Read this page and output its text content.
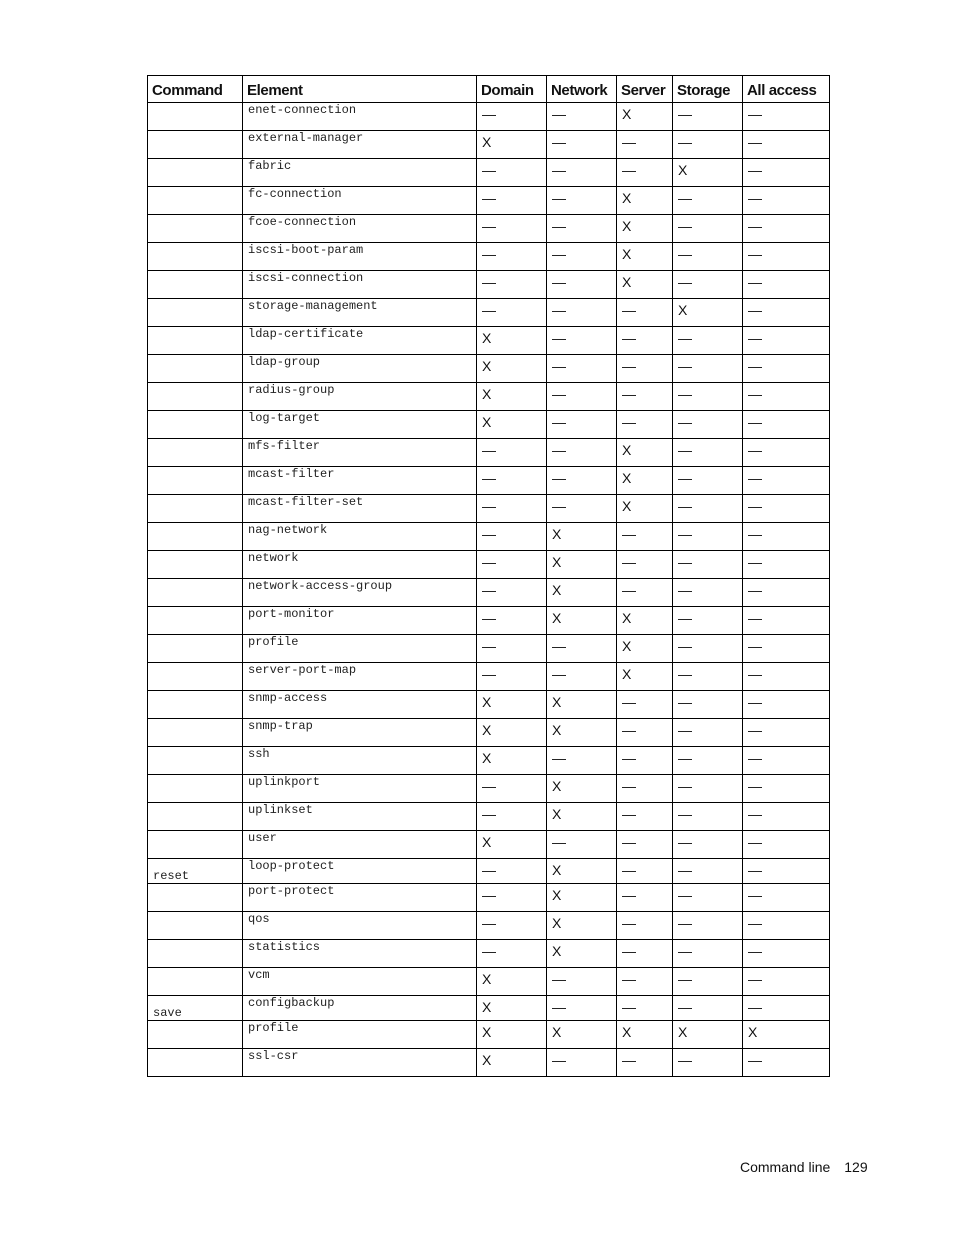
Command	Element	Domain	Network	Server	Storage	All access
	enet-connection	—	—	X	—	—
	external-manager	X	—	—	—	—
	fabric	—	—	—	X	—
	fc-connection	—	—	X	—	—
	fcoe-connection	—	—	X	—	—
	iscsi-boot-param	—	—	X	—	—
	iscsi-connection	—	—	X	—	—
	storage-management	—	—	—	X	—
	ldap-certificate	X	—	—	—	—
	ldap-group	X	—	—	—	—
	radius-group	X	—	—	—	—
	log-target	X	—	—	—	—
	mfs-filter	—	—	X	—	—
	mcast-filter	—	—	X	—	—
	mcast-filter-set	—	—	X	—	—
	nag-network	—	X	—	—	—
	network	—	X	—	—	—
	network-access-group	—	X	—	—	—
	port-monitor	—	X	X	—	—
	profile	—	—	X	—	—
	server-port-map	—	—	X	—	—
	snmp-access	X	X	—	—	—
	snmp-trap	X	X	—	—	—
	ssh	X	—	—	—	—
	uplinkport	—	X	—	—	—
	uplinkset	—	X	—	—	—
	user	X	—	—	—	—
reset	loop-protect	—	X	—	—	—
	port-protect	—	X	—	—	—
	qos	—	X	—	—	—
	statistics	—	X	—	—	—
	vcm	X	—	—	—	—
save	configbackup	X	—	—	—	—
	profile	X	X	X	X	X
	ssl-csr	X	—	—	—	—
Command line 129
